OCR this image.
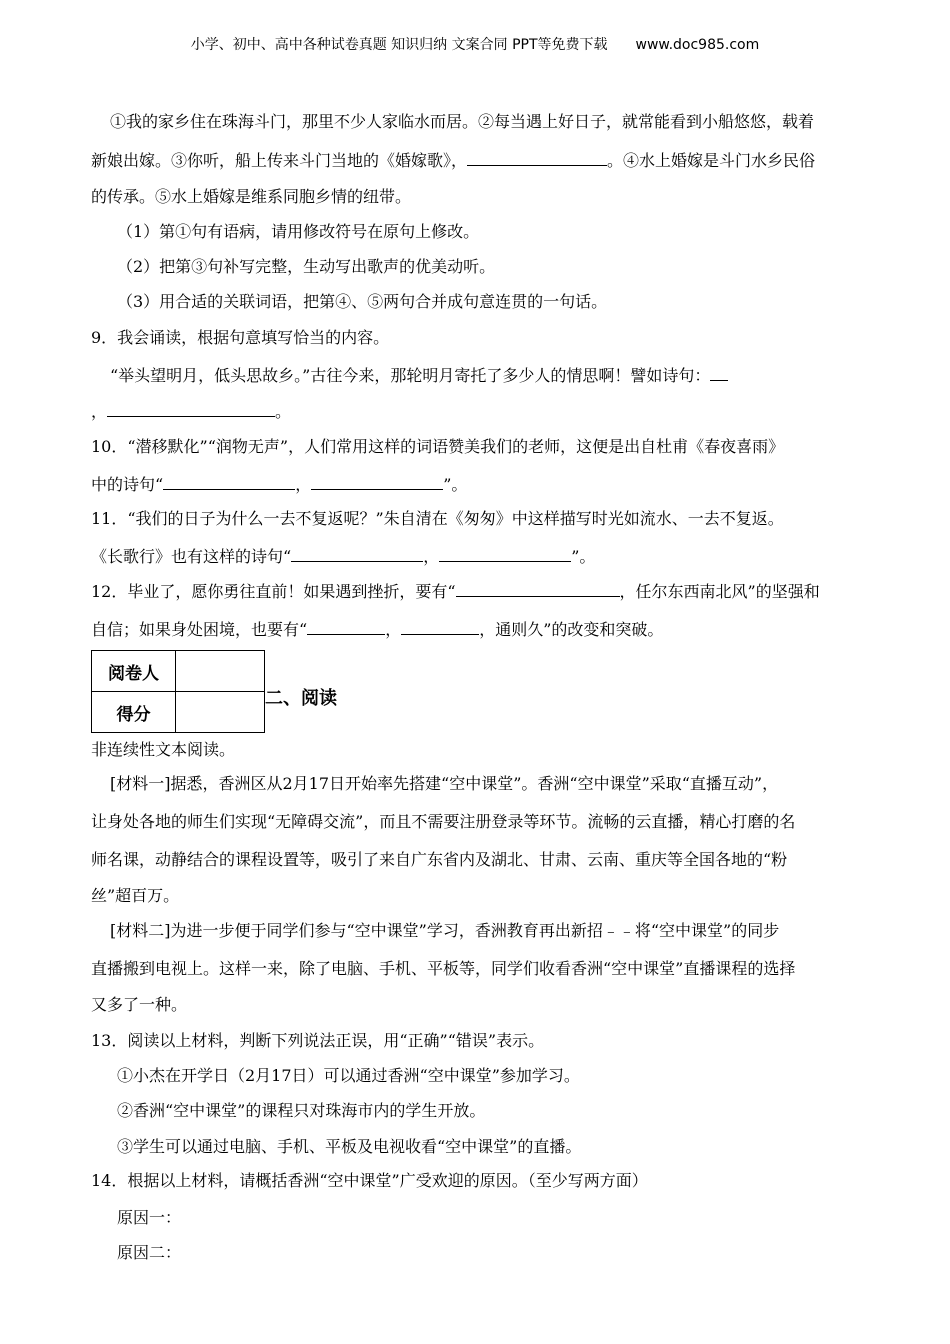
小学、初中、高中各种试卷真题 知识归纳 文案合同 PPT等免费下载 www.doc985.com
①我的家乡住在珠海斗门，那里不少人家临水而居。②每当遇上好日子，就常能看到小船悠悠，载着
新娘出嫁。③你听，船上传来斗门当地的《婚嫁歌》，	。④水上婚嫁是斗门水乡民俗
的传承。⑤水上婚嫁是维系同胞乡情的纽带。
（1）第①句有语病，请用修改符号在原句上修改。
（2）把第③句补写完整，生动写出歌声的优美动听。
（3）用合适的关联词语，把第④、⑤两句合并成句意连贯的一句话。
9．我会诵读，根据句意填写恰当的内容。
“举头望明月，低头思故乡。”古往今来，那轮明月寄托了多少人的情思啊！譬如诗句：
，	。
10．“潜移默化”“润物无声”，人们常用这样的词语赞美我们的老师，这便是出自杜甫《春夜喜雨》
中的诗句“	，	”。
11．“我们的日子为什么一去不复返呢？”朱自清在《匆匆》中这样描写时光如流水、一去不复返。
《长歌行》也有这样的诗句“	，	”。
12．毕业了，愿你勇往直前！如果遇到挫折，要有“	，任尔东西南北风”的坚强和
自信；如果身处困境，也要有“	，	，通则久”的改变和突破。
阅卷人	
得分	
二、阅读
非连续性文本阅读。
[材料一]据悉，香洲区从2月17日开始率先搭建“空中课堂”。香洲“空中课堂”采取“直播互动”，
让身处各地的师生们实现“无障碍交流”，而且不需要注册登录等环节。流畅的云直播，精心打磨的名
师名课，动静结合的课程设置等，吸引了来自广东省内及湖北、甘肃、云南、重庆等全国各地的“粉
丝”超百万。
[材料二]为进一步便于同学们参与“空中课堂”学习，香洲教育再出新招﹣﹣将“空中课堂”的同步
直播搬到电视上。这样一来，除了电脑、手机、平板等，同学们收看香洲“空中课堂”直播课程的选择
又多了一种。
13．阅读以上材料，判断下列说法正误，用“正确”“错误”表示。
①小杰在开学日（2月17日）可以通过香洲“空中课堂”参加学习。
②香洲“空中课堂”的课程只对珠海市内的学生开放。
③学生可以通过电脑、手机、平板及电视收看“空中课堂”的直播。
14．根据以上材料，请概括香洲“空中课堂”广受欢迎的原因。（至少写两方面）
原因一：
原因二：
